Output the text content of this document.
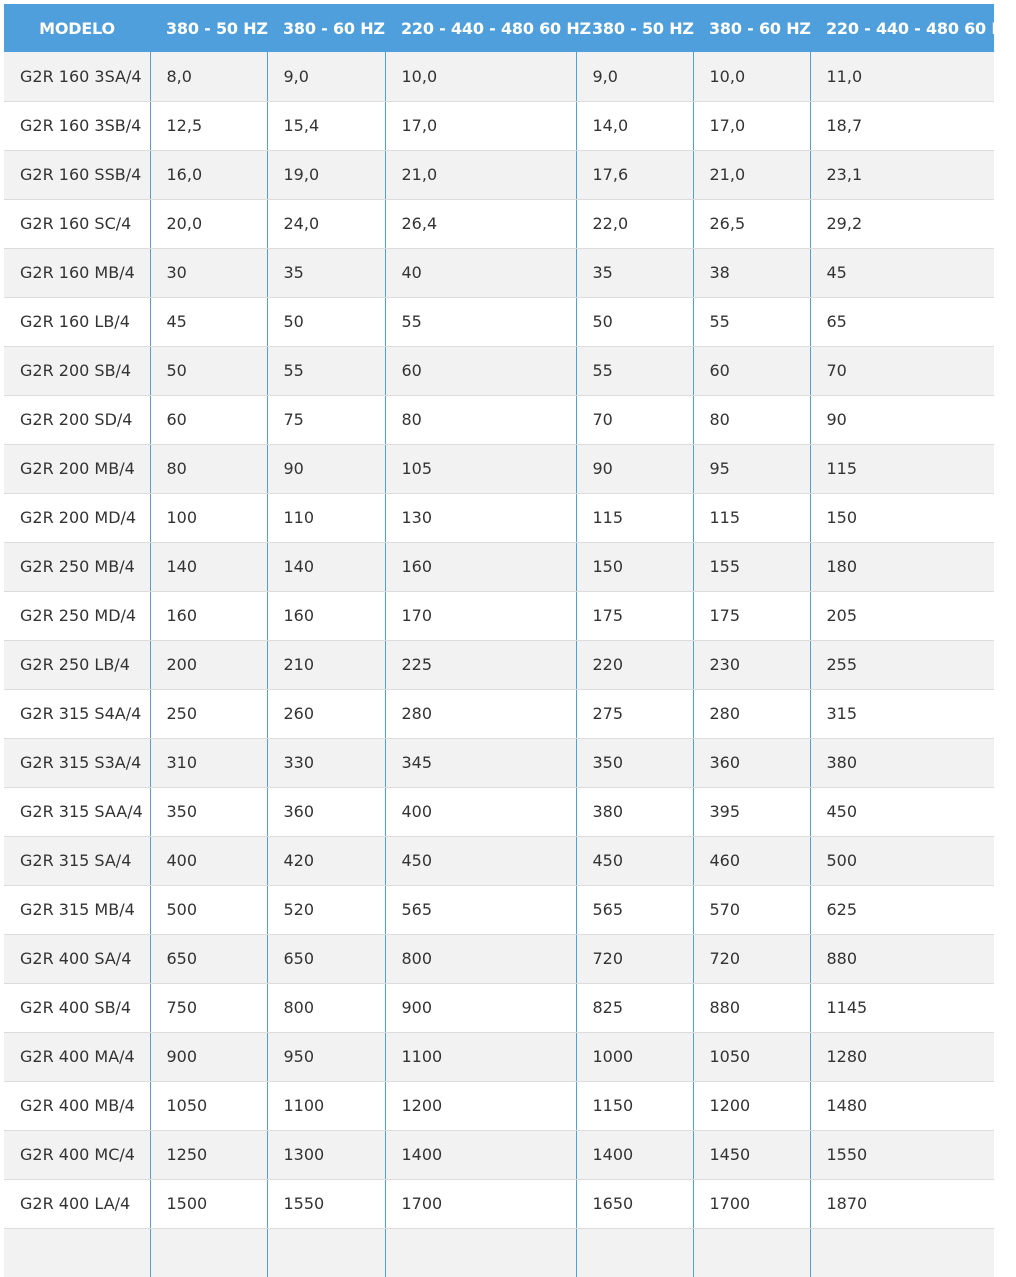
MODELO	380 - 50 HZ	380 - 60 HZ	220 - 440 - 480 60 HZ	380 - 50 HZ	380 - 60 HZ	220 - 440 - 480 60 HZ
G2R 160 3SA/4	8,0	9,0	10,0	9,0	10,0	11,0
G2R 160 3SB/4	12,5	15,4	17,0	14,0	17,0	18,7
G2R 160 SSB/4	16,0	19,0	21,0	17,6	21,0	23,1
G2R 160 SC/4	20,0	24,0	26,4	22,0	26,5	29,2
G2R 160 MB/4	30	35	40	35	38	45
G2R 160 LB/4	45	50	55	50	55	65
G2R 200 SB/4	50	55	60	55	60	70
G2R 200 SD/4	60	75	80	70	80	90
G2R 200 MB/4	80	90	105	90	95	115
G2R 200 MD/4	100	110	130	115	115	150
G2R 250 MB/4	140	140	160	150	155	180
G2R 250 MD/4	160	160	170	175	175	205
G2R 250 LB/4	200	210	225	220	230	255
G2R 315 S4A/4	250	260	280	275	280	315
G2R 315 S3A/4	310	330	345	350	360	380
G2R 315 SAA/4	350	360	400	380	395	450
G2R 315 SA/4	400	420	450	450	460	500
G2R 315 MB/4	500	520	565	565	570	625
G2R 400 SA/4	650	650	800	720	720	880
G2R 400 SB/4	750	800	900	825	880	1145
G2R 400 MA/4	900	950	1100	1000	1050	1280
G2R 400 MB/4	1050	1100	1200	1150	1200	1480
G2R 400 MC/4	1250	1300	1400	1400	1450	1550
G2R 400 LA/4	1500	1550	1700	1650	1700	1870
